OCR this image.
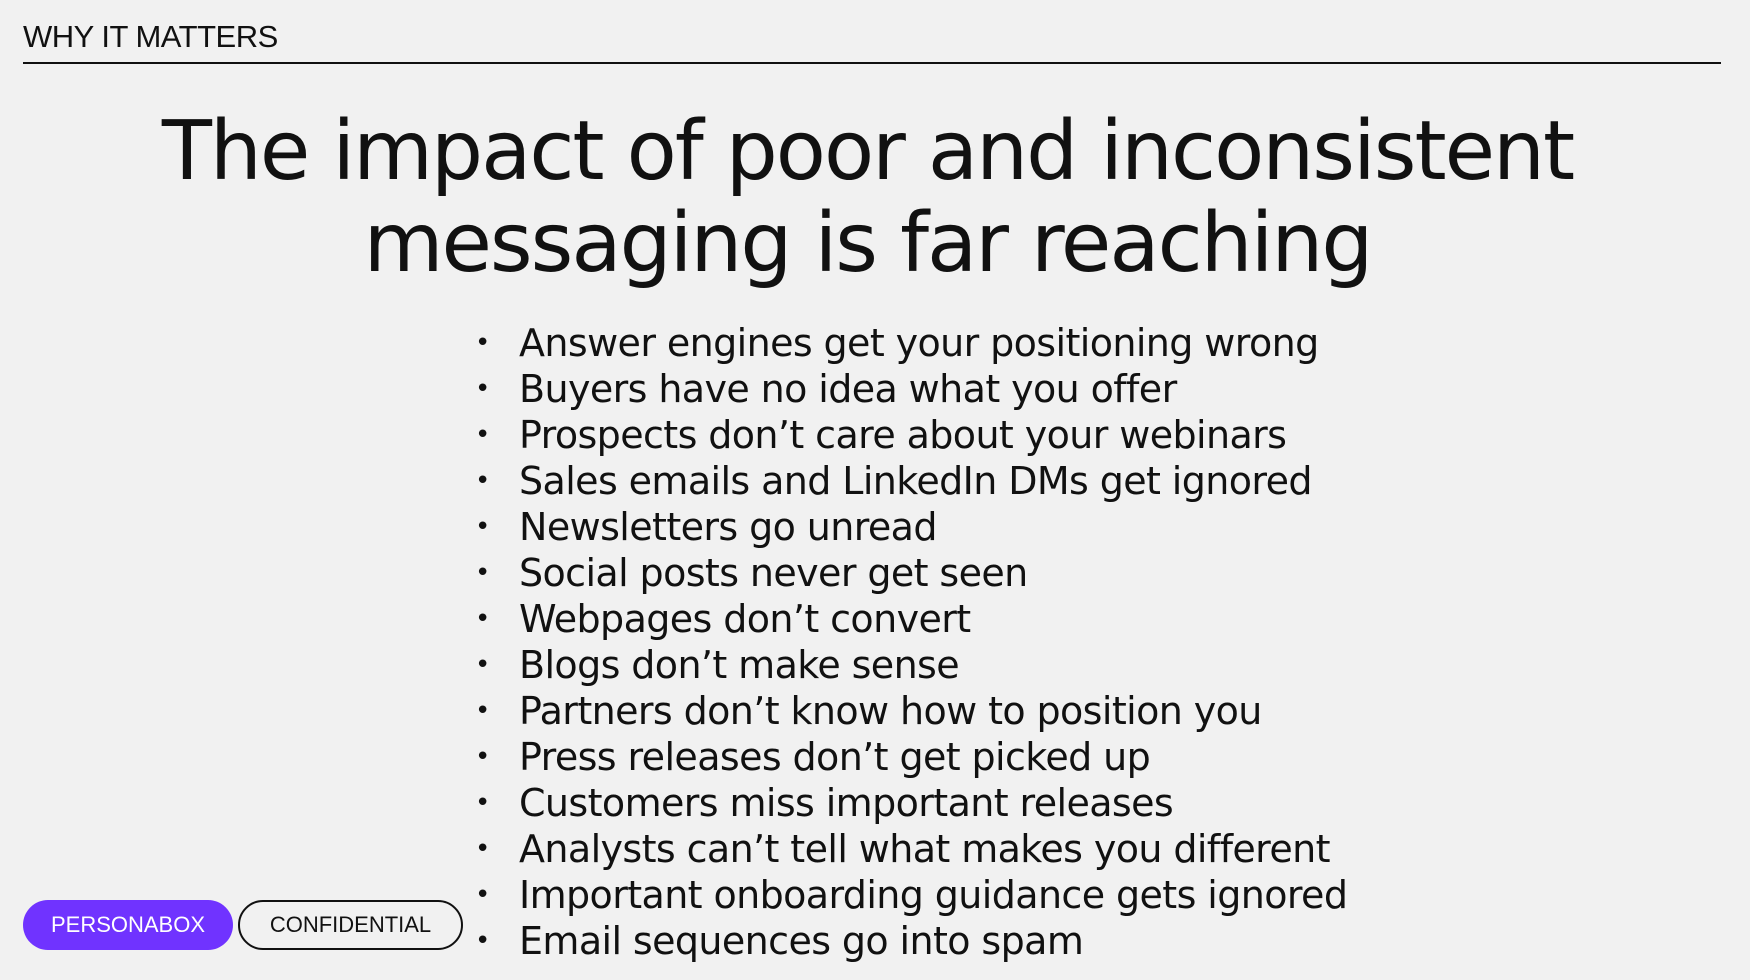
WHY IT MATTERS
The impact of poor and inconsistent
messaging is far reaching
• Answer engines get your positioning wrong
• Buyers have no idea what you offer
• Prospects don’t care about your webinars
• Sales emails and LinkedIn DMs get ignored
• Newsletters go unread
• Social posts never get seen
• Webpages don’t convert
• Blogs don’t make sense
• Partners don’t know how to position you
• Press releases don’t get picked up
• Customers miss important releases
• Analysts can’t tell what makes you different
• Important onboarding guidance gets ignored
• Email sequences go into spam
PERSONABOX	CONFIDENTIAL
